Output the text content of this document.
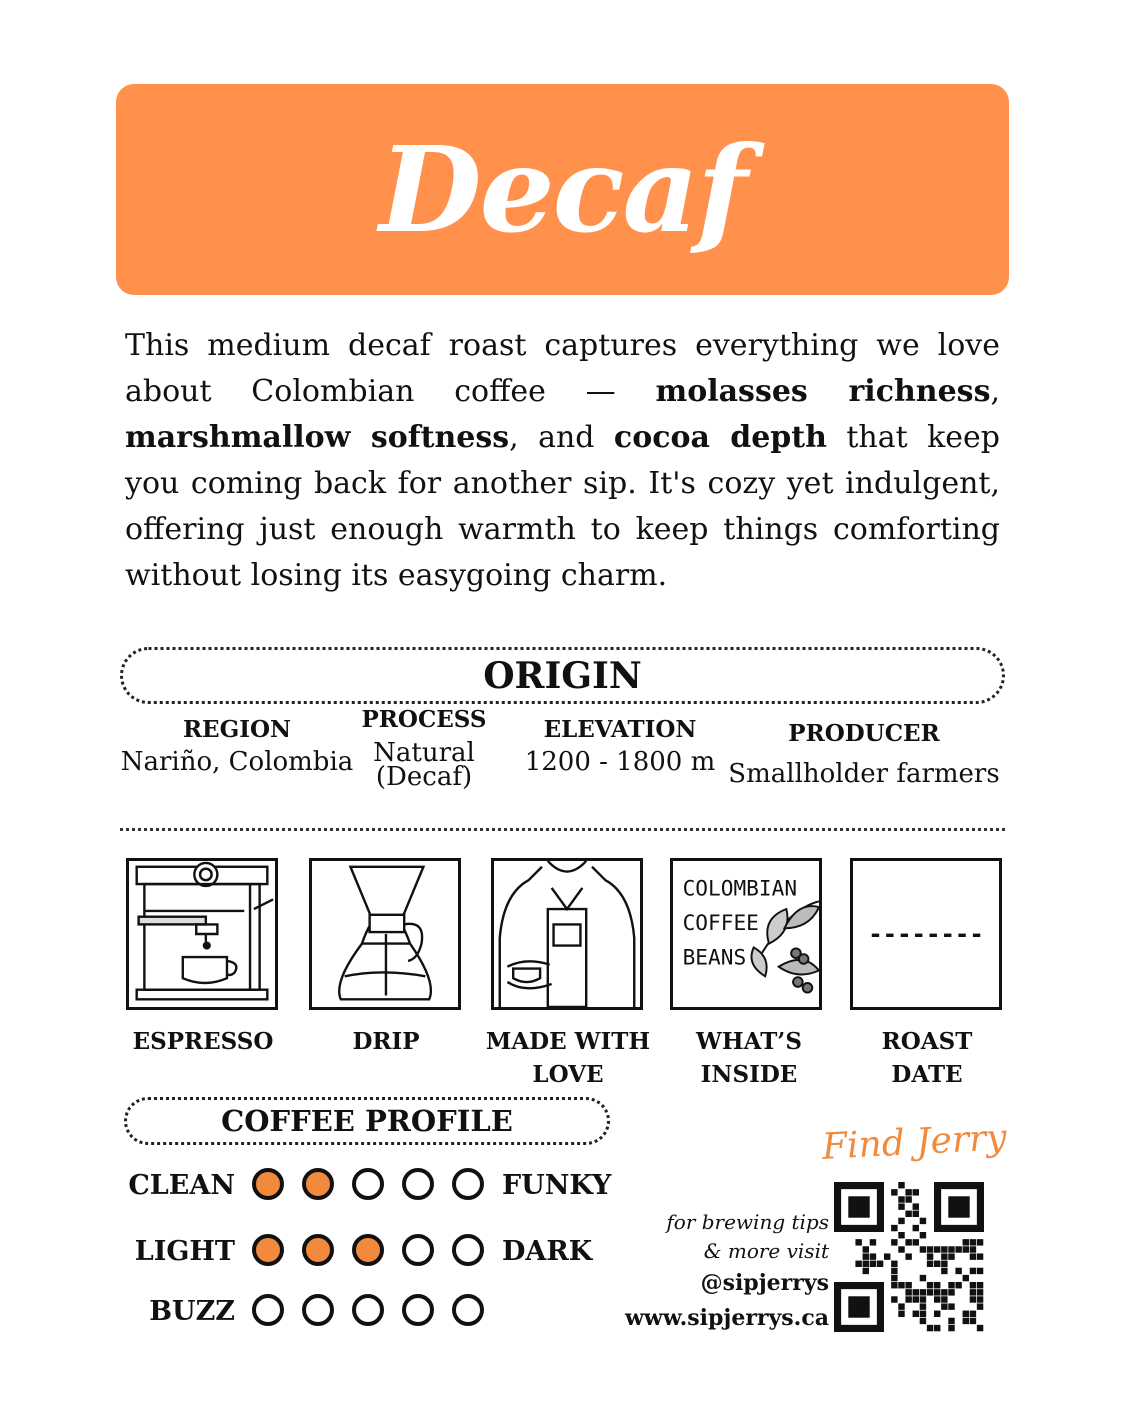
Decaf
This medium decaf roast captures everything we love about Colombian coffee — molasses richness, marshmallow softness, and cocoa depth that keep you coming back for another sip. It's cozy yet indulgent, offering just enough warmth to keep things comforting without losing its easygoing charm.
ORIGIN
REGION
Nariño, Colombia
PROCESS
Natural
(Decaf)
ELEVATION
1200 - 1800 m
PRODUCER
Smallholder farmers
COLOMBIAN
COFFEE
BEANS
--------
ESPRESSO	DRIP	MADE WITH
LOVE
WHAT’S
INSIDE
ROAST
DATE
COFFEE PROFILE
CLEAN	FUNKY
LIGHT	DARK
BUZZ
Find Jerry
for brewing tips
& more visit
@sipjerrys
www.sipjerrys.ca
